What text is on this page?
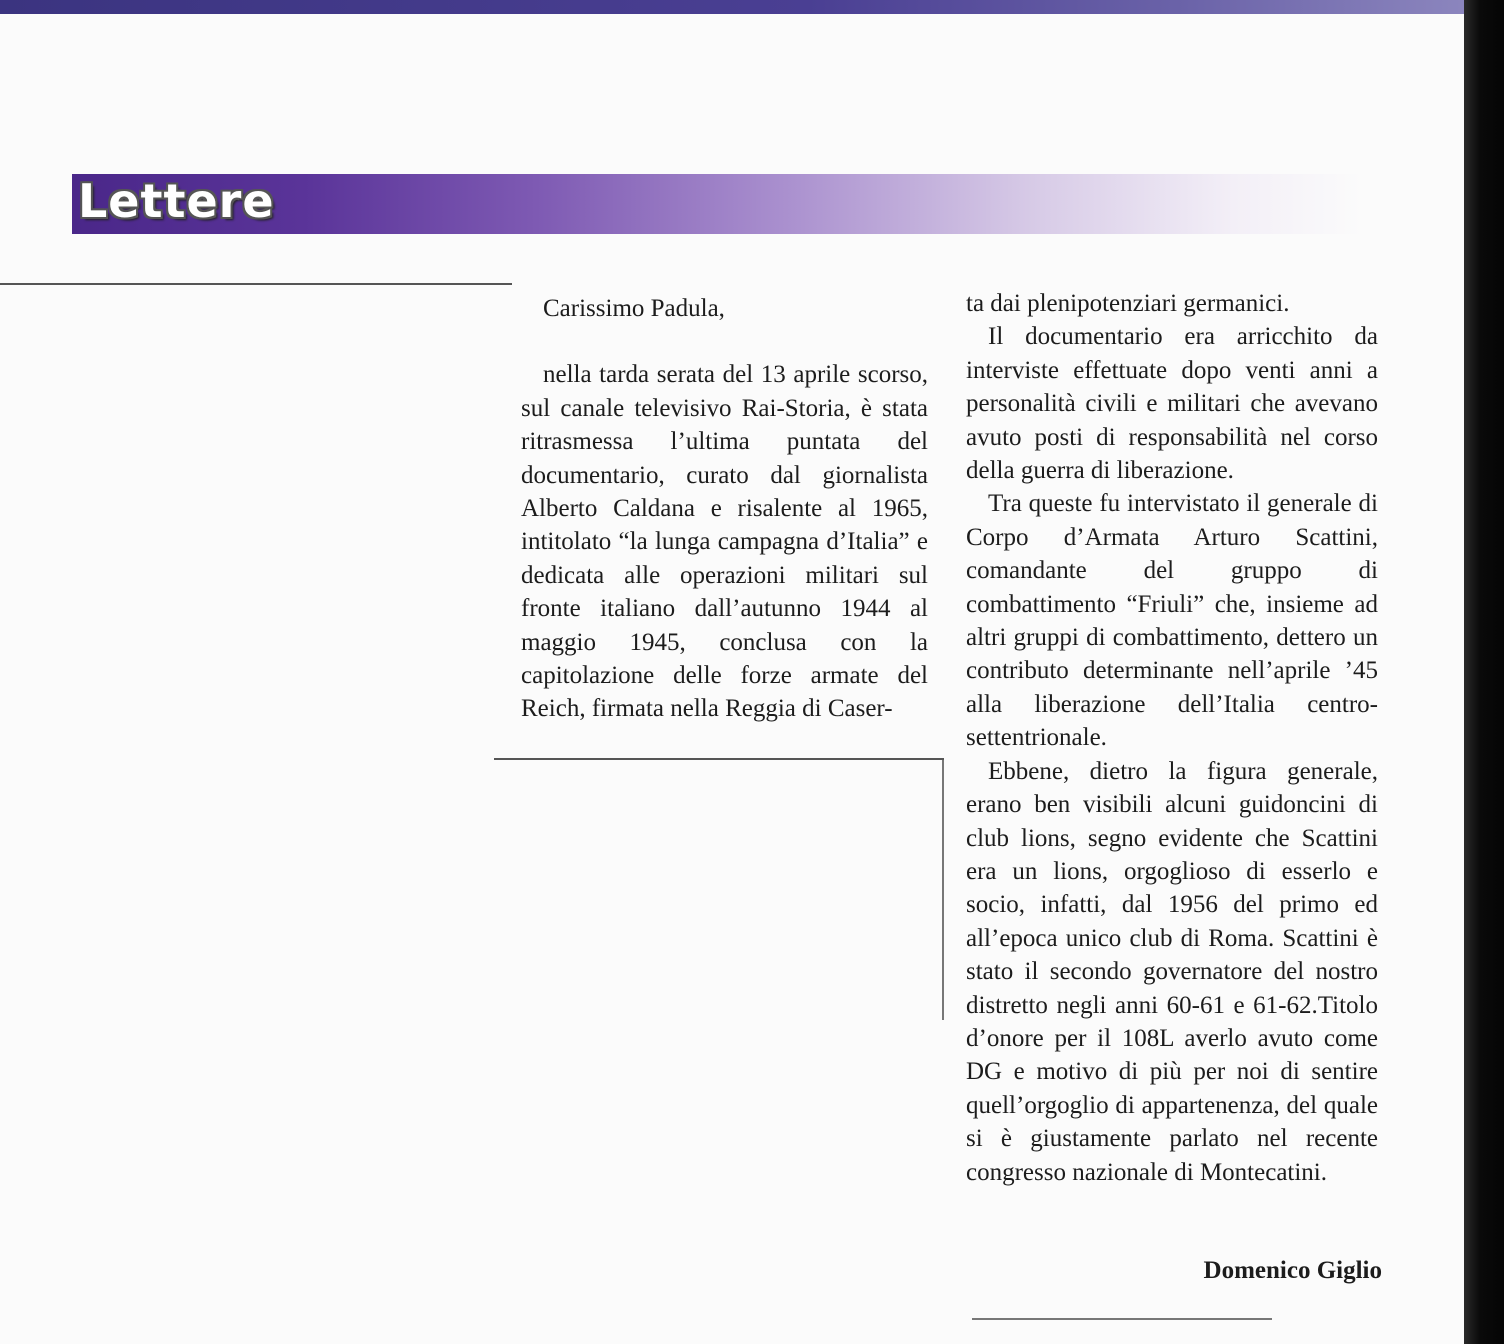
Lettere

Carissimo Padula,

nella tarda serata del 13 aprile scorso, sul canale televisivo Rai-Storia, è stata ritrasmessa l’ultima puntata del documentario, curato dal giornalista Alberto Caldana e risalente al 1965, intitolato “la lunga campagna d’Italia” e dedicata alle operazioni militari sul fronte italiano dall’autunno 1944 al maggio 1945, conclusa con la capitolazione delle forze armate del Reich, firmata nella Reggia di Caser-

ta dai plenipotenziari germanici.

Il documentario era arricchito da interviste effettuate dopo venti anni a personalità civili e militari che avevano avuto posti di responsabilità nel corso della guerra di liberazione.

Tra queste fu intervistato il generale di Corpo d’Armata Arturo Scattini, comandante del gruppo di combattimento “Friuli” che, insieme ad altri gruppi di combattimento, dettero un contributo determinante nell’aprile ’45 alla liberazione dell’Italia centro-settentrionale.

Ebbene, dietro la figura generale, erano ben visibili alcuni guidoncini di club lions, segno evidente che Scattini era un lions, orgoglioso di esserlo e socio, infatti, dal 1956 del primo ed all’epoca unico club di Roma. Scattini è stato il secondo governatore del nostro distretto negli anni 60-61 e 61-62.Titolo d’onore per il 108L averlo avuto come DG e motivo di più per noi di sentire quell’orgoglio di appartenenza, del quale si è giustamente parlato nel recente congresso nazionale di Montecatini.

Domenico Giglio
